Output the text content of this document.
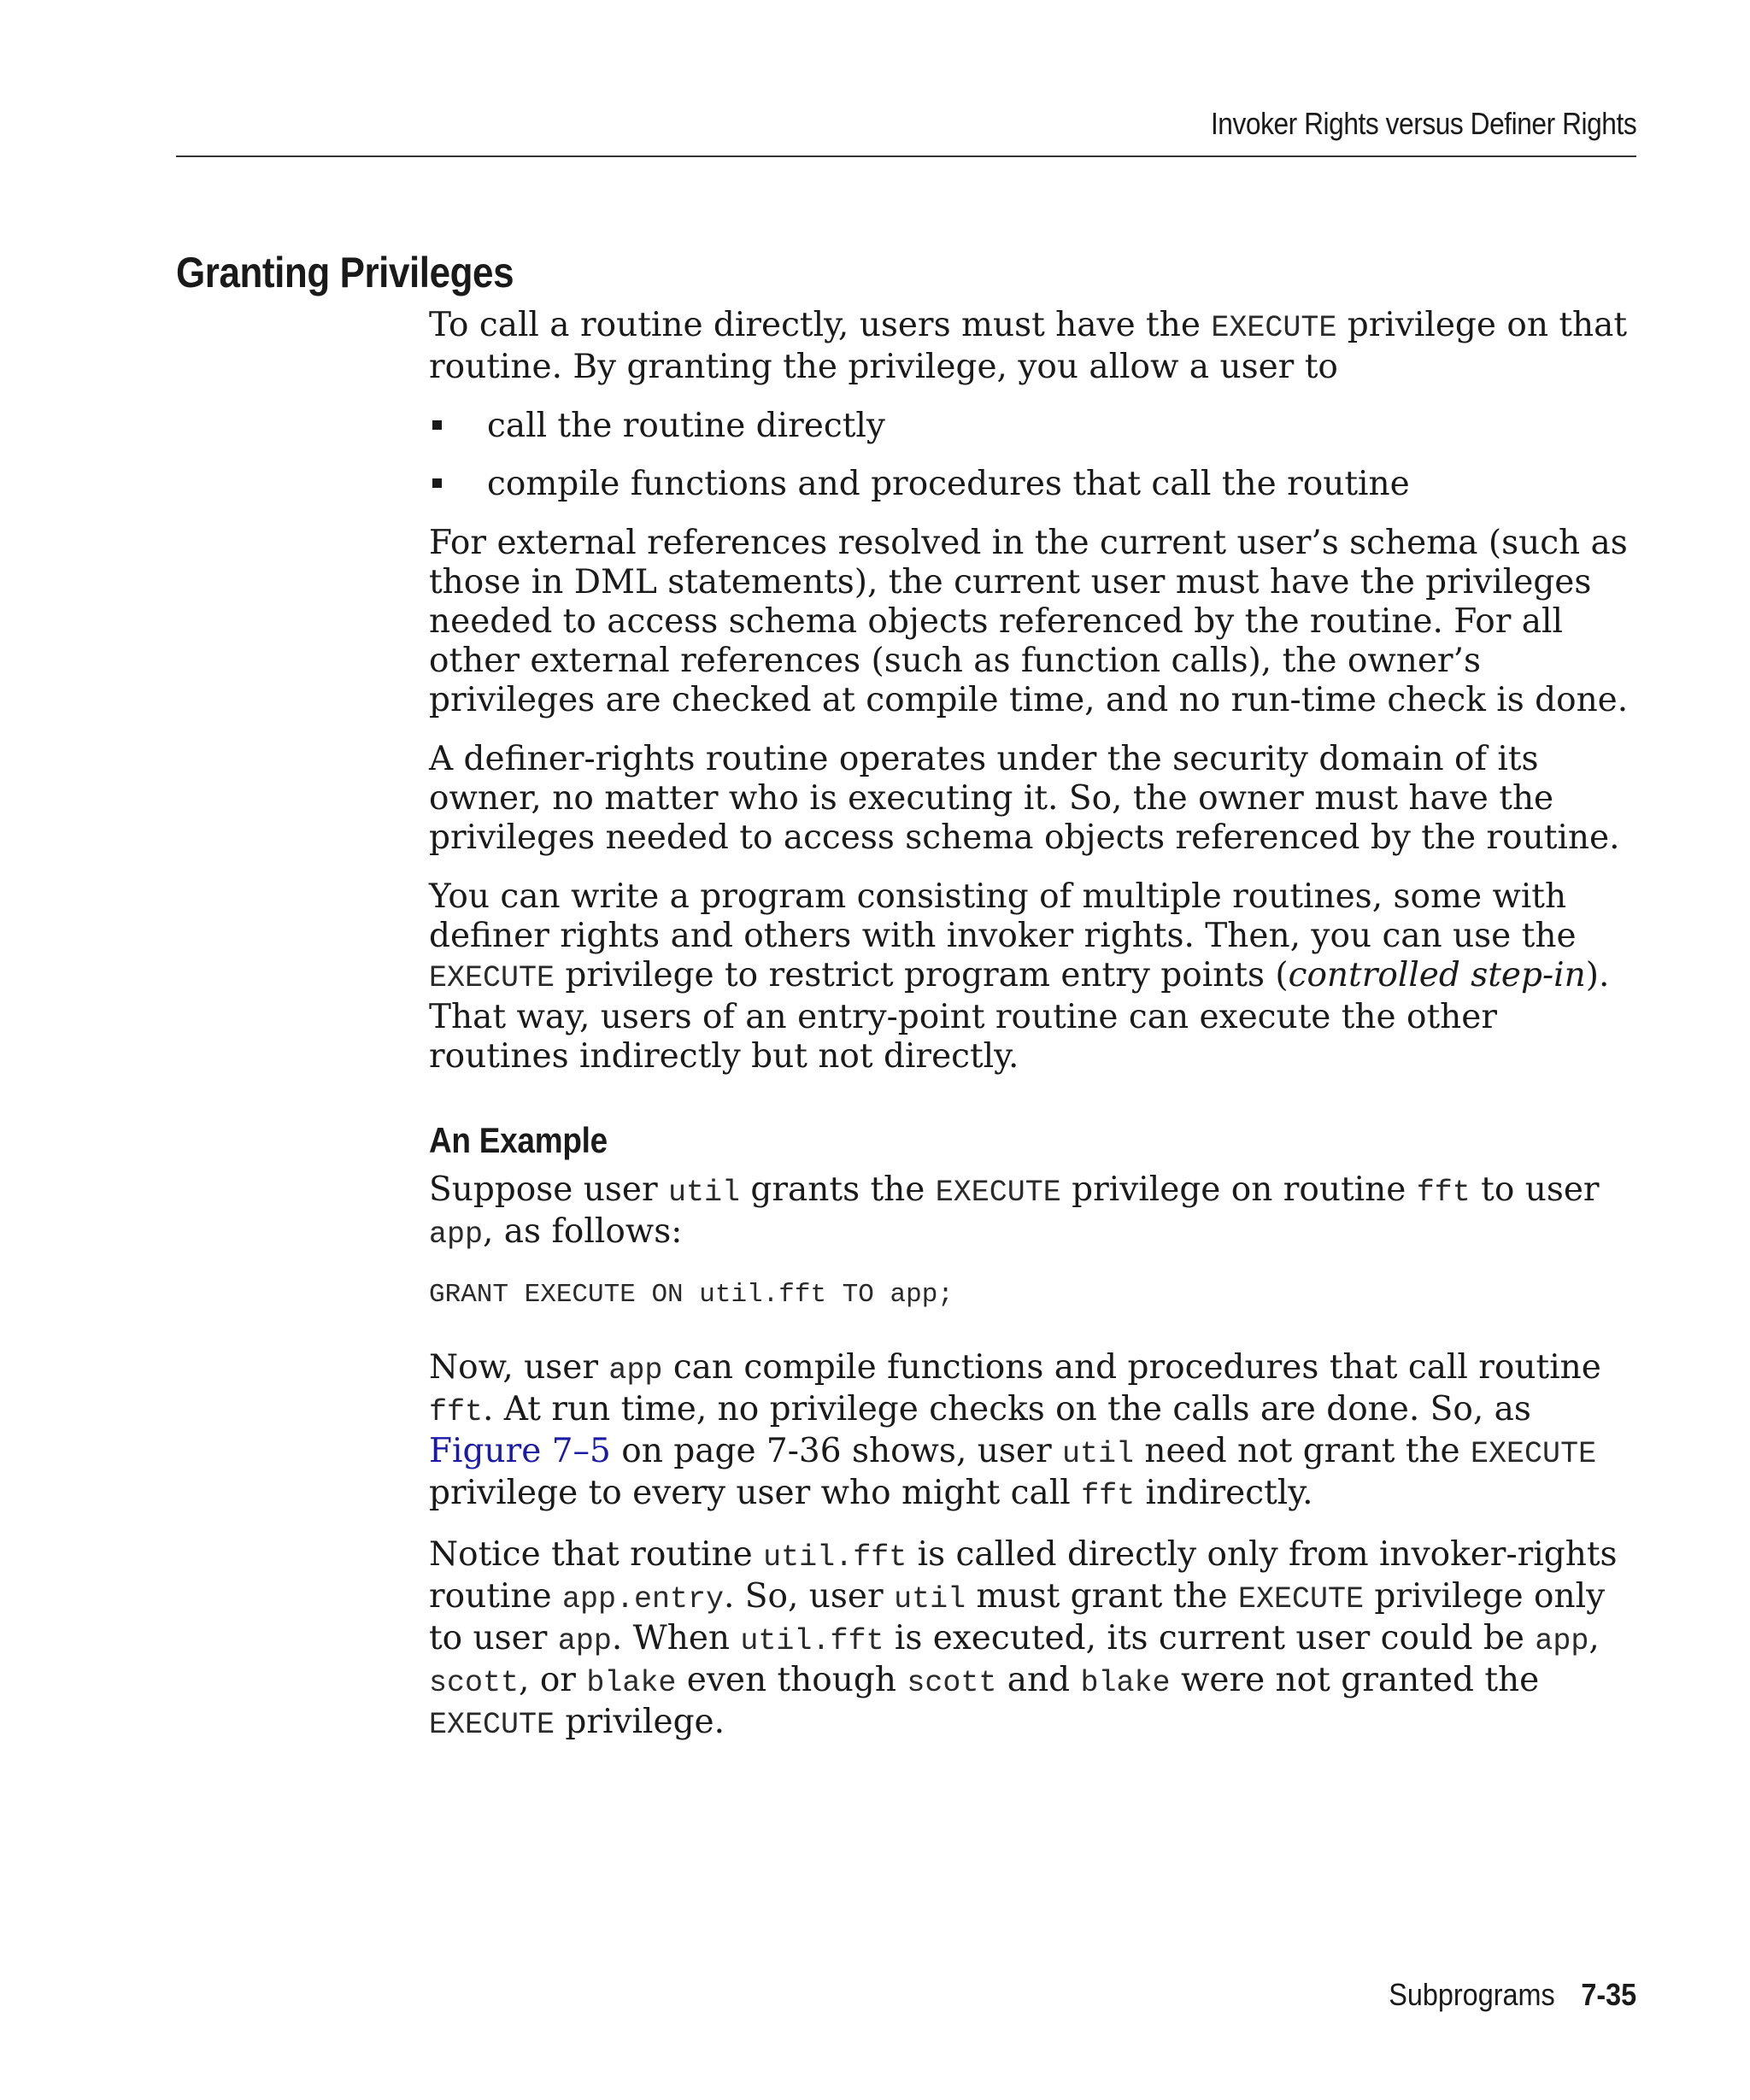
Invoker Rights versus Definer Rights
Granting Privileges

To call a routine directly, users must have the EXECUTE privilege on that routine. By granting the privilege, you allow a user to

call the routine directly
compile functions and procedures that call the routine

For external references resolved in the current user’s schema (such as those in DML statements), the current user must have the privileges needed to access schema objects referenced by the routine. For all other external references (such as function calls), the owner’s privileges are checked at compile time, and no run-time check is done.

A definer-rights routine operates under the security domain of its owner, no matter who is executing it. So, the owner must have the privileges needed to access schema objects referenced by the routine.

You can write a program consisting of multiple routines, some with definer rights and others with invoker rights. Then, you can use the EXECUTE privilege to restrict program entry points (controlled step-in). That way, users of an entry-point routine can execute the other routines indirectly but not directly.

An Example

Suppose user util grants the EXECUTE privilege on routine fft to user app, as follows:

GRANT EXECUTE ON util.fft TO app;

Now, user app can compile functions and procedures that call routine fft. At run time, no privilege checks on the calls are done. So, as Figure 7–5 on page 7-36 shows, user util need not grant the EXECUTE privilege to every user who might call fft indirectly.

Notice that routine util.fft is called directly only from invoker-rights routine app.entry. So, user util must grant the EXECUTE privilege only to user app. When util.fft is executed, its current user could be app, scott, or blake even though scott and blake were not granted the EXECUTE privilege.

Subprograms 7-35
